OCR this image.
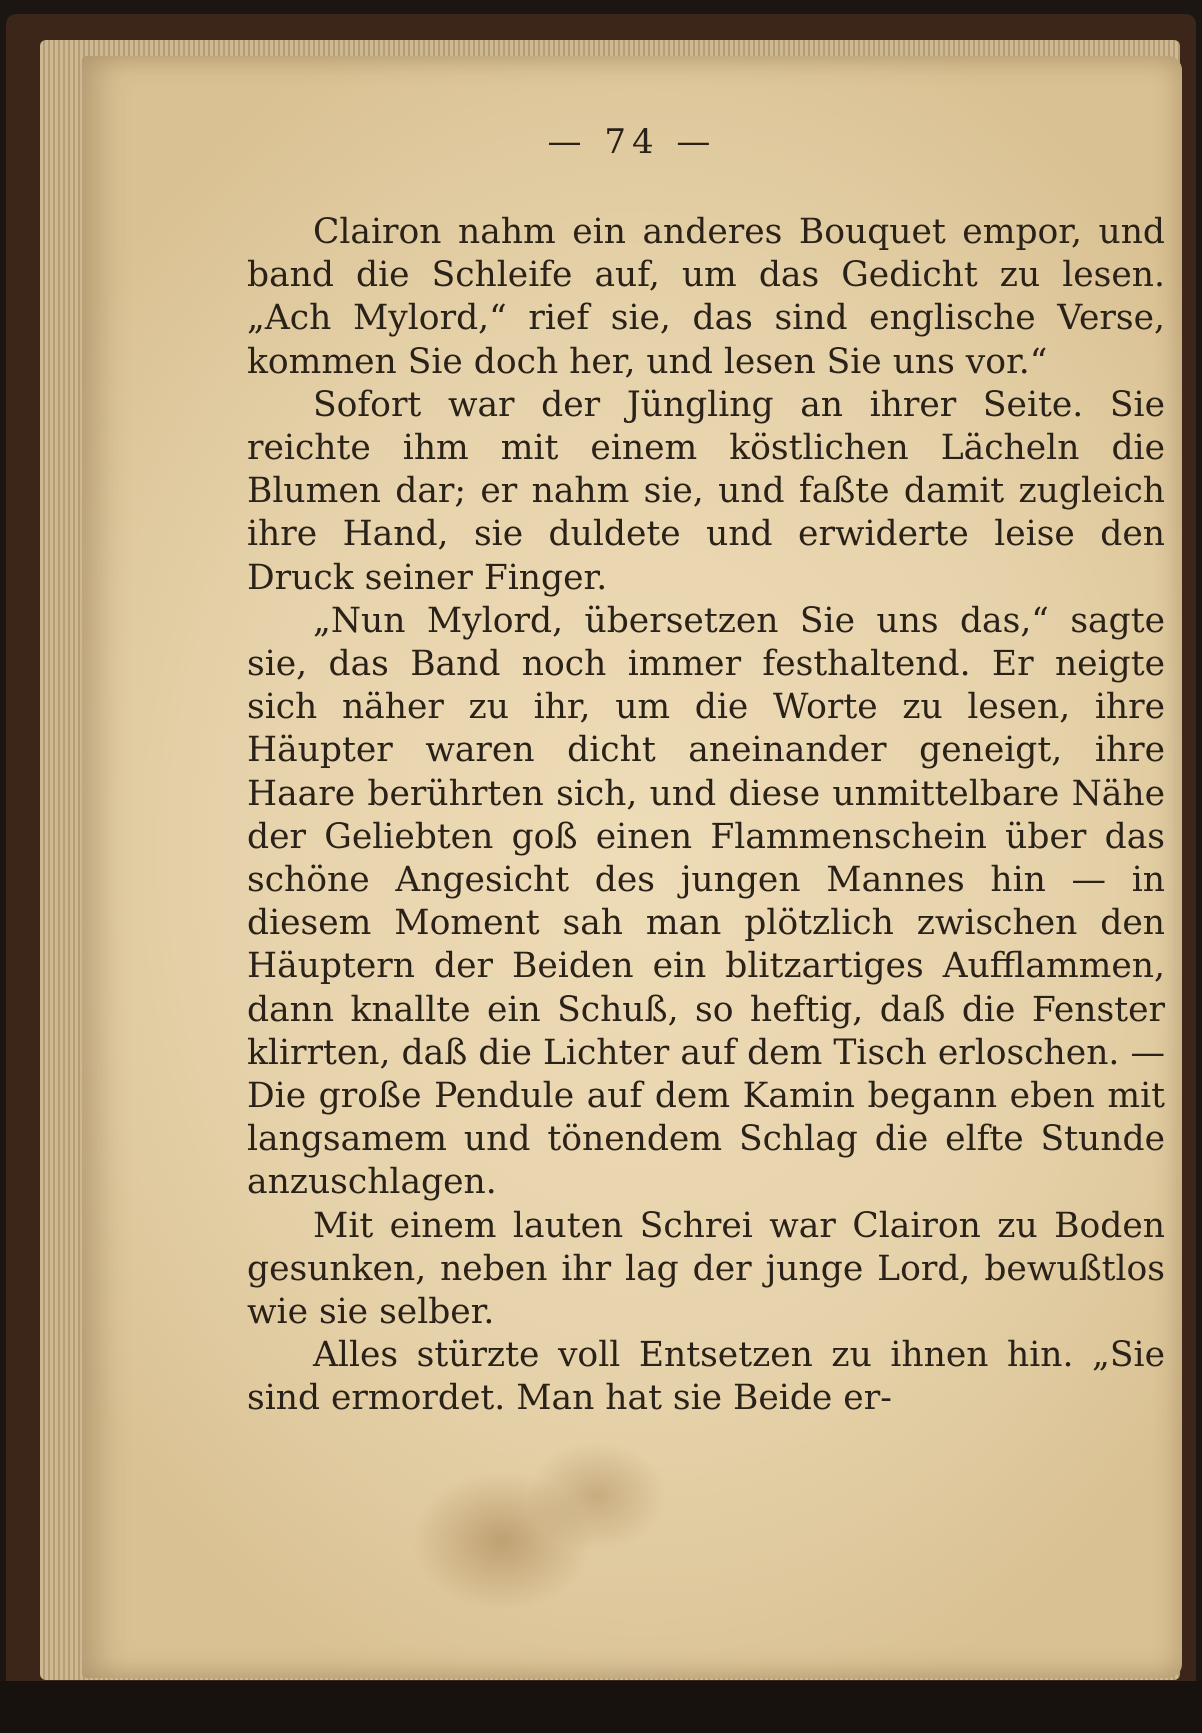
— 74 —

Clairon nahm ein anderes Bouquet empor, und band die Schleife auf, um das Gedicht zu lesen. „Ach Mylord,“ rief sie, das sind englische Verse, kommen Sie doch her, und lesen Sie uns vor.“

Sofort war der Jüngling an ihrer Seite. Sie reichte ihm mit einem köstlichen Lächeln die Blumen dar; er nahm sie, und faßte damit zugleich ihre Hand, sie duldete und erwiderte leise den Druck seiner Finger.

„Nun Mylord, übersetzen Sie uns das,“ sagte sie, das Band noch immer festhaltend. Er neigte sich näher zu ihr, um die Worte zu lesen, ihre Häupter waren dicht aneinander geneigt, ihre Haare berührten sich, und diese unmittelbare Nähe der Geliebten goß einen Flammenschein über das schöne Angesicht des jungen Mannes hin — in diesem Moment sah man plötzlich zwischen den Häuptern der Beiden ein blitzartiges Aufflammen, dann knallte ein Schuß, so heftig, daß die Fenster klirrten, daß die Lichter auf dem Tisch erloschen. — Die große Pendule auf dem Kamin begann eben mit langsamem und tönendem Schlag die elfte Stunde anzuschlagen.

Mit einem lauten Schrei war Clairon zu Boden gesunken, neben ihr lag der junge Lord, bewußtlos wie sie selber.

Alles stürzte voll Entsetzen zu ihnen hin. „Sie sind ermordet. Man hat sie Beide er-
